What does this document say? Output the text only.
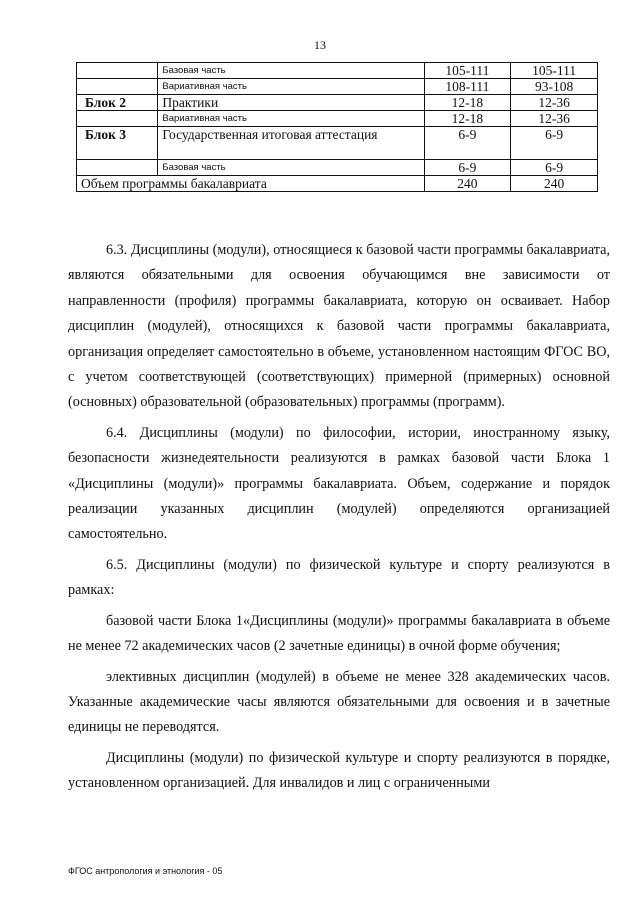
13
	Базовая часть	105-111	105-111
	Вариативная часть	108-111	93-108
Блок 2	Практики	12-18	12-36
	Вариативная часть	12-18	12-36
Блок 3	Государственная итоговая аттестация	6-9	6-9
	Базовая часть	6-9	6-9
Объем программы бакалавриата		240	240

6.3. Дисциплины (модули), относящиеся к базовой части программы бакалавриата, являются обязательными для освоения обучающимся вне зависимости от направленности (профиля) программы бакалавриата, которую он осваивает. Набор дисциплин (модулей), относящихся к базовой части программы бакалавриата, организация определяет самостоятельно в объеме, установленном настоящим ФГОС ВО, с учетом соответствующей (соответствующих) примерной (примерных) основной (основных) образовательной (образовательных) программы (программ).

6.4. Дисциплины (модули) по философии, истории, иностранному языку, безопасности жизнедеятельности реализуются в рамках базовой части Блока 1 «Дисциплины (модули)» программы бакалавриата. Объем, содержание и порядок реализации указанных дисциплин (модулей) определяются организацией самостоятельно.

6.5. Дисциплины (модули) по физической культуре и спорту реализуются в рамках:

базовой части Блока 1«Дисциплины (модули)» программы бакалавриата в объеме не менее 72 академических часов (2 зачетные единицы) в очной форме обучения;

элективных дисциплин (модулей) в объеме не менее 328 академических часов. Указанные академические часы являются обязательными для освоения и в зачетные единицы не переводятся.

Дисциплины (модули) по физической культуре и спорту реализуются в порядке, установленном организацией. Для инвалидов и лиц с ограниченными

ФГОС антропология и этнология - 05
